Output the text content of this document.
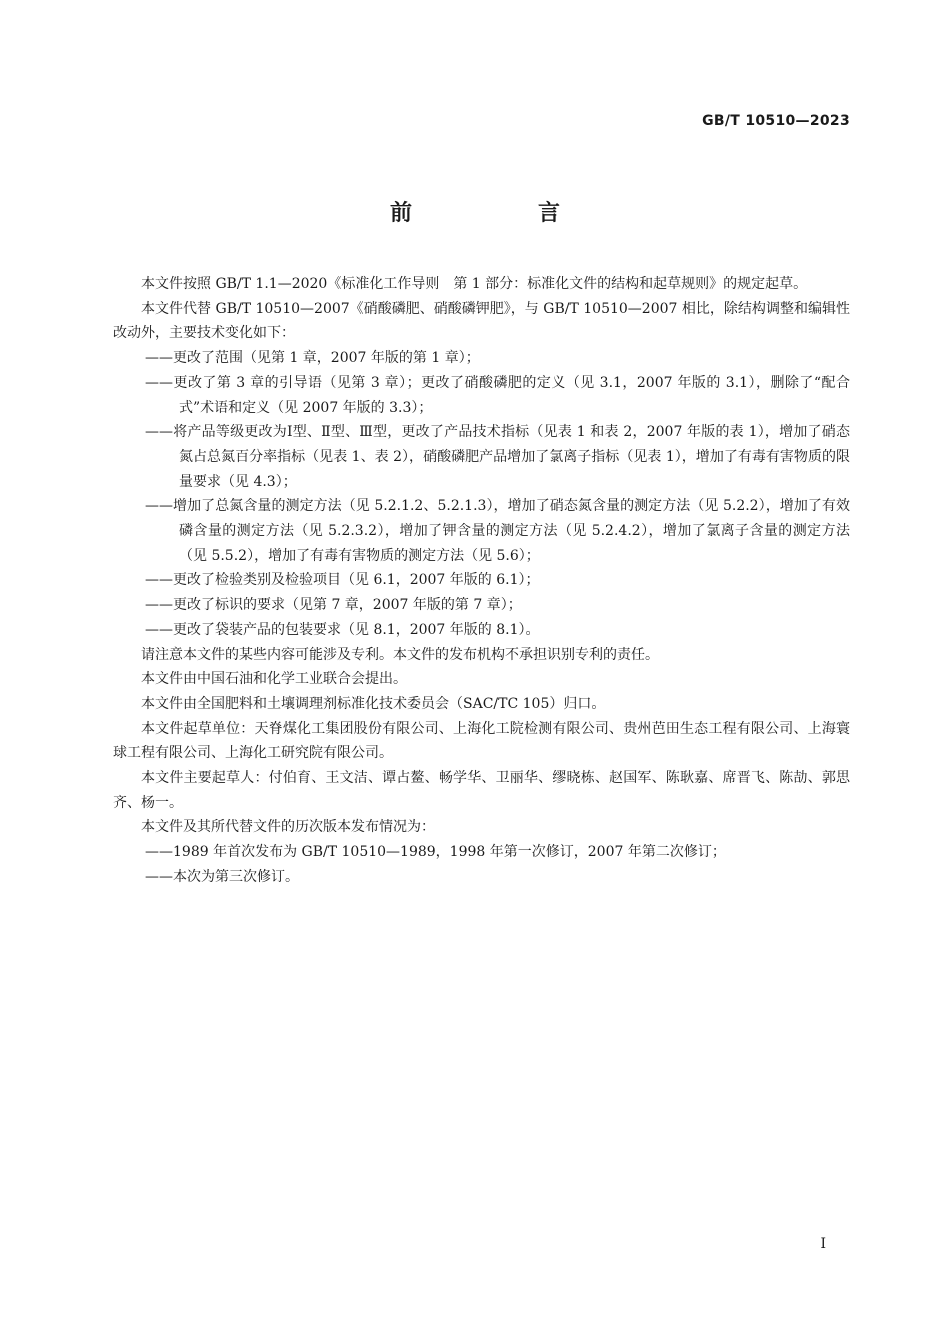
GB/T 10510—2023
前　言

本文件按照 GB/T 1.1—2020《标准化工作导则　第 1 部分：标准化文件的结构和起草规则》的规定起草。

本文件代替 GB/T 10510—2007《硝酸磷肥、硝酸磷钾肥》，与 GB/T 10510—2007 相比，除结构调整和编辑性改动外，主要技术变化如下：

——更改了范围（见第 1 章，2007 年版的第 1 章）；

——更改了第 3 章的引导语（见第 3 章）；更改了硝酸磷肥的定义（见 3.1，2007 年版的 3.1），删除了“配合式”术语和定义（见 2007 年版的 3.3）；

——将产品等级更改为Ⅰ型、Ⅱ型、Ⅲ型，更改了产品技术指标（见表 1 和表 2，2007 年版的表 1），增加了硝态氮占总氮百分率指标（见表 1、表 2），硝酸磷肥产品增加了氯离子指标（见表 1），增加了有毒有害物质的限量要求（见 4.3）；

——增加了总氮含量的测定方法（见 5.2.1.2、5.2.1.3），增加了硝态氮含量的测定方法（见 5.2.2），增加了有效磷含量的测定方法（见 5.2.3.2），增加了钾含量的测定方法（见 5.2.4.2），增加了氯离子含量的测定方法（见 5.5.2），增加了有毒有害物质的测定方法（见 5.6）；

——更改了检验类别及检验项目（见 6.1，2007 年版的 6.1）；

——更改了标识的要求（见第 7 章，2007 年版的第 7 章）；

——更改了袋装产品的包装要求（见 8.1，2007 年版的 8.1）。

请注意本文件的某些内容可能涉及专利。本文件的发布机构不承担识别专利的责任。

本文件由中国石油和化学工业联合会提出。

本文件由全国肥料和土壤调理剂标准化技术委员会（SAC/TC 105）归口。

本文件起草单位：天脊煤化工集团股份有限公司、上海化工院检测有限公司、贵州芭田生态工程有限公司、上海寰球工程有限公司、上海化工研究院有限公司。

本文件主要起草人：付伯育、王文洁、谭占鳌、畅学华、卫丽华、缪晓栋、赵国军、陈耿嘉、席晋飞、陈劼、郭思齐、杨一。

本文件及其所代替文件的历次版本发布情况为：

——1989 年首次发布为 GB/T 10510—1989，1998 年第一次修订，2007 年第二次修订；

——本次为第三次修订。

Ⅰ
